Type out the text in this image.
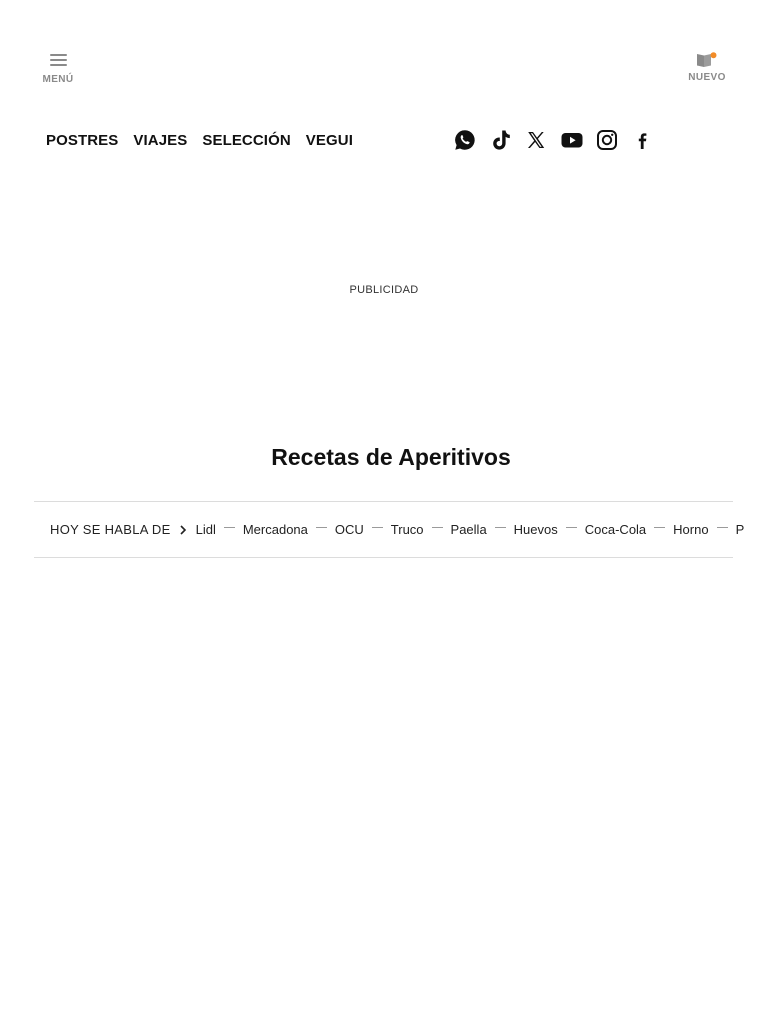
MENÚ	NUEVO
POSTRES VIAJES SELECCIÓN VEGUI
PUBLICIDAD
Recetas de Aperitivos
HOY SE HABLA DE Lidl Mercadona OCU Truco Paella Huevos Coca-Cola Horno P
